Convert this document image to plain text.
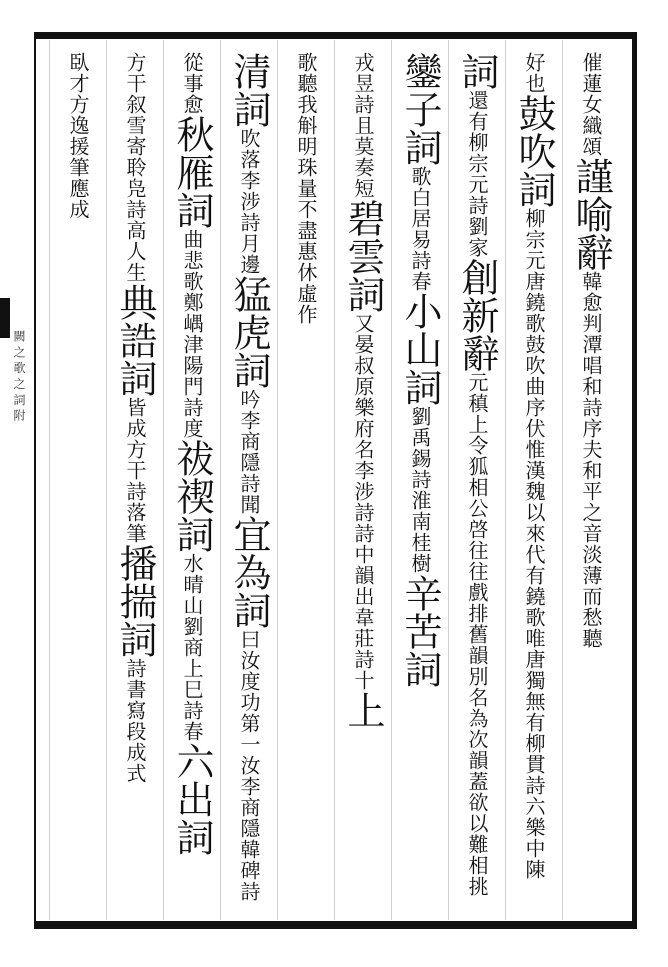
闕 之 歌 之 詞 附
催蓮女織頌謹喻辭韓愈判潭唱和詩序夫和平之音淡薄而愁聽
好也鼓吹詞柳宗元唐鐃歌鼓吹曲序伏惟漢魏以來代有鐃歌唯唐獨無有柳貫詩六樂中陳
詞還有柳宗元詩劉家創新辭元稹上令狐相公啓往往戲排舊韻別名為次韻蓋欲以難相挑
鑾子詞歌白居易詩春小山詞劉禹錫詩淮南桂樹辛苦詞
戎昱詩且莫奏短碧雲詞又晏叔原樂府名李涉詩詩中韻出韋莊詩十上
歌聽我斛明珠量不盡惠休虛作
清詞吹落李涉詩月邊猛虎詞吟李商隱詩聞宜為詞曰汝度功第一汝李商隱韓碑詩
從事愈秋雁詞曲悲歌鄭嵎津陽門詩度祓禊詞水晴山劉商上巳詩春六出詞
方干叙雪寄聆凫詩高人生典誥詞皆成方干詩落筆播揣詞詩書寫段成式
臥才方逸援筆應成
